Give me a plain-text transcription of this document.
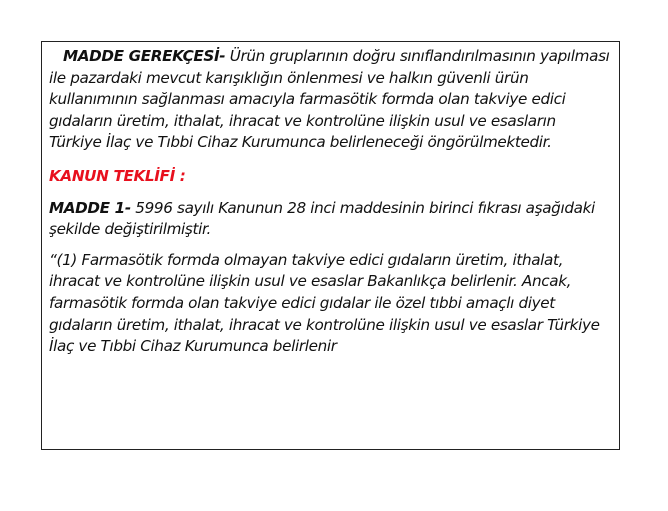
MADDE GEREKÇESİ- Ürün gruplarının doğru sınıflandırılmasının yapılması ile pazardaki mevcut karışıklığın önlenmesi ve halkın güvenli ürün kullanımının sağlanması amacıyla farmasötik formda olan takviye edici gıdaların üretim, ithalat, ihracat ve kontrolüne ilişkin usul ve esasların Türkiye İlaç ve Tıbbi Cihaz Kurumunca belirleneceği öngörülmektedir.

KANUN TEKLİFİ :

MADDE 1- 5996 sayılı Kanunun 28 inci maddesinin birinci fıkrası aşağıdaki şekilde değiştirilmiştir.

“(1) Farmasötik formda olmayan takviye edici gıdaların üretim, ithalat, ihracat ve kontrolüne ilişkin usul ve esaslar Bakanlıkça belirlenir. Ancak, farmasötik formda olan takviye edici gıdalar ile özel tıbbi amaçlı diyet gıdaların üretim, ithalat, ihracat ve kontrolüne ilişkin usul ve esaslar Türkiye İlaç ve Tıbbi Cihaz Kurumunca belirlenir
